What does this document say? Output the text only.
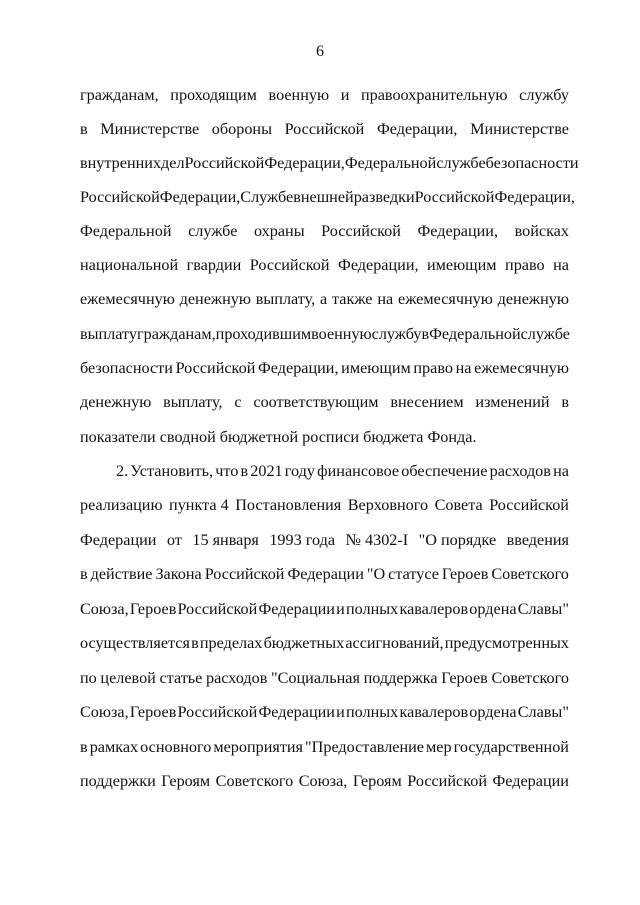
6
гражданам, проходящим военную и правоохранительную службу
в Министерстве обороны Российской Федерации, Министерстве
внутренних дел Российской Федерации, Федеральной службе безопасности
Российской Федерации, Службе внешней разведки Российской Федерации,
Федеральной службе охраны Российской Федерации, войсках
национальной гвардии Российской Федерации, имеющим право на
ежемесячную денежную выплату, а также на ежемесячную денежную
выплату гражданам, проходившим военную службу в Федеральной службе
безопасности Российской Федерации, имеющим право на ежемесячную
денежную выплату, с соответствующим внесением изменений в
показатели сводной бюджетной росписи бюджета Фонда.
2. Установить, что в 2021 году финансовое обеспечение расходов на
реализацию пункта 4 Постановления Верховного Совета Российской
Федерации от 15 января 1993 года № 4302-I "О порядке введения
в действие Закона Российской Федерации "О статусе Героев Советского
Союза, Героев Российской Федерации и полных кавалеров ордена Славы"
осуществляется в пределах бюджетных ассигнований, предусмотренных
по целевой статье расходов "Социальная поддержка Героев Советского
Союза, Героев Российской Федерации и полных кавалеров ордена Славы"
в рамках основного мероприятия "Предоставление мер государственной
поддержки Героям Советского Союза, Героям Российской Федерации
